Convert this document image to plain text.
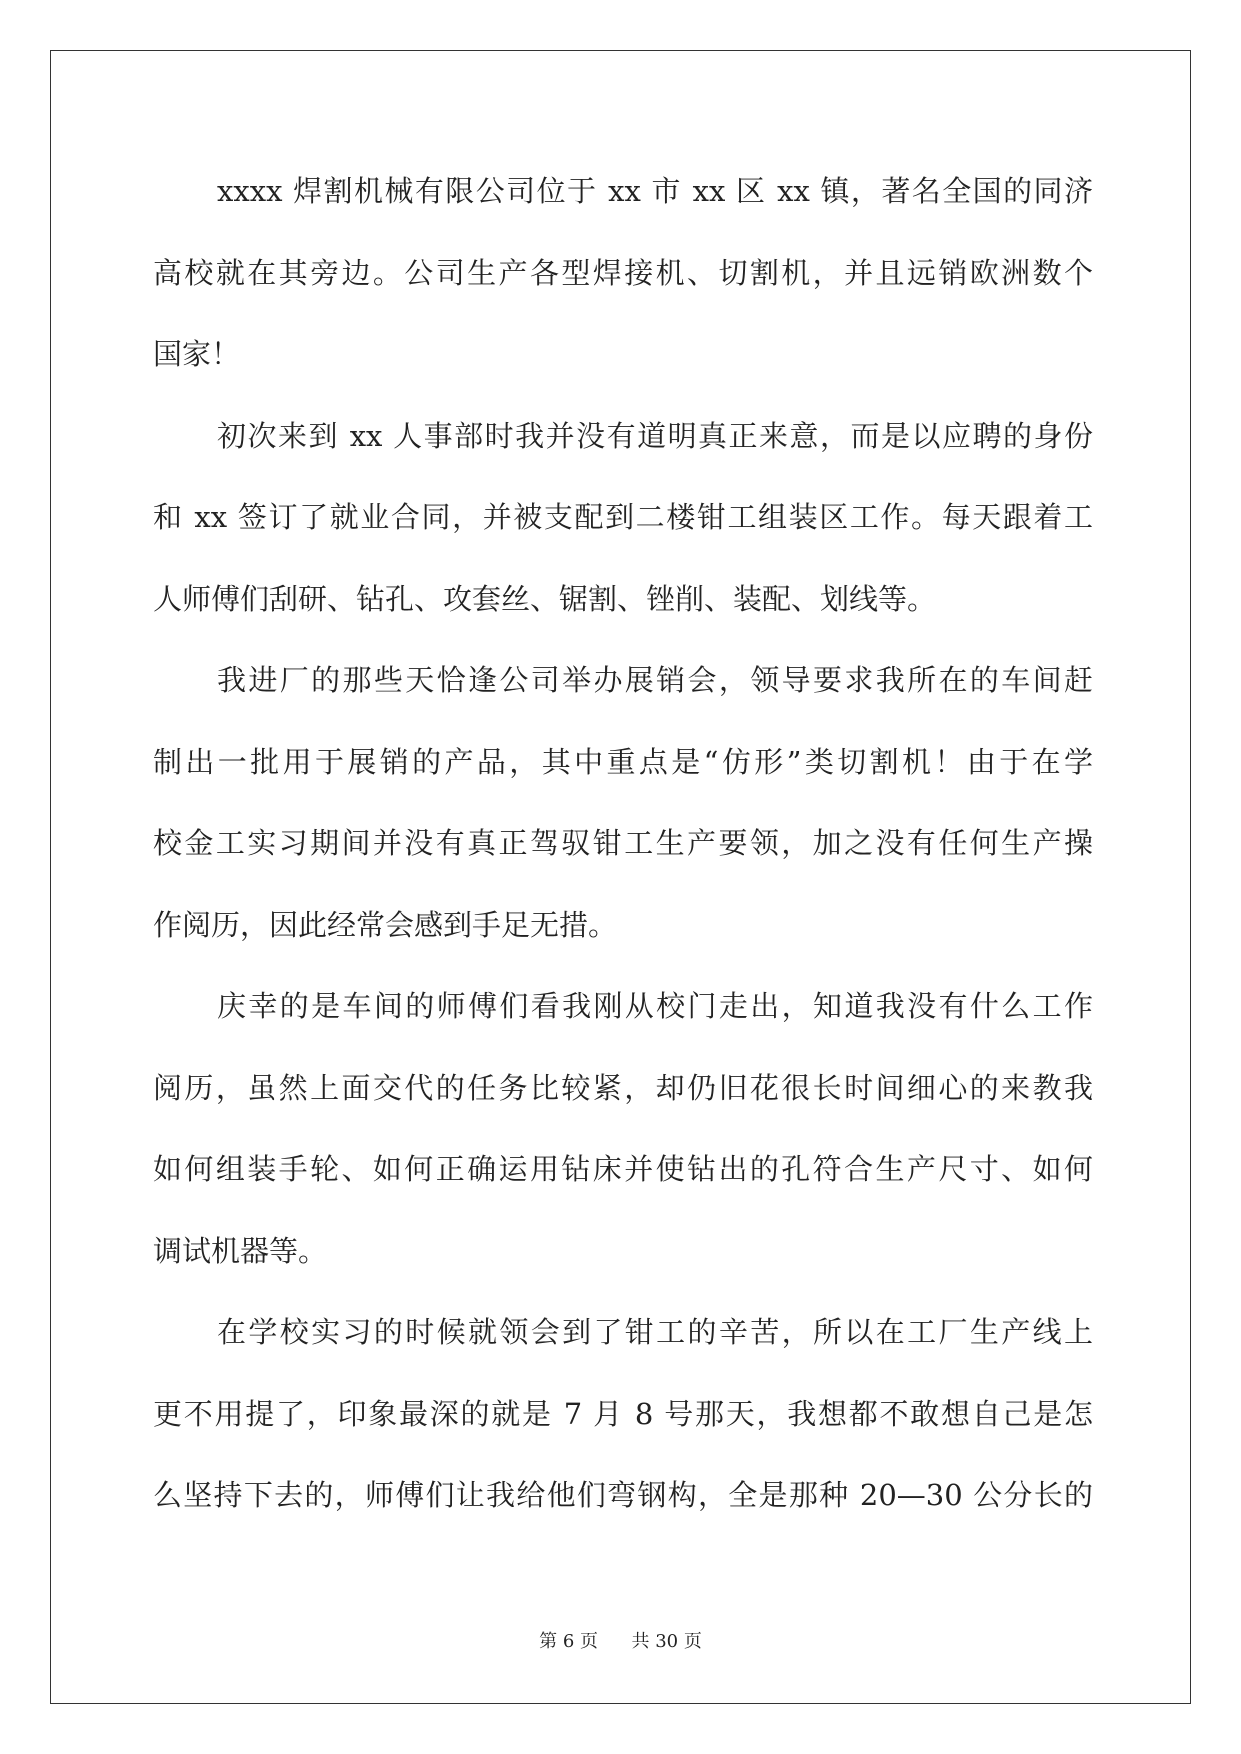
xxxx 焊割机械有限公司位于 xx 市 xx 区 xx 镇，著名全国的同济
高校就在其旁边。公司生产各型焊接机、切割机，并且远销欧洲数个
国家！
初次来到 xx 人事部时我并没有道明真正来意，而是以应聘的身份
和 xx 签订了就业合同，并被支配到二楼钳工组装区工作。每天跟着工
人师傅们刮研、钻孔、攻套丝、锯割、锉削、装配、划线等。
我进厂的那些天恰逢公司举办展销会，领导要求我所在的车间赶
制出一批用于展销的产品，其中重点是“仿形”类切割机！由于在学
校金工实习期间并没有真正驾驭钳工生产要领，加之没有任何生产操
作阅历，因此经常会感到手足无措。
庆幸的是车间的师傅们看我刚从校门走出，知道我没有什么工作
阅历，虽然上面交代的任务比较紧，却仍旧花很长时间细心的来教我
如何组装手轮、如何正确运用钻床并使钻出的孔符合生产尺寸、如何
调试机器等。
在学校实习的时候就领会到了钳工的辛苦，所以在工厂生产线上
更不用提了，印象最深的就是 7 月 8 号那天，我想都不敢想自己是怎
么坚持下去的，师傅们让我给他们弯钢构，全是那种 20—30 公分长的
第 6 页 共 30 页
